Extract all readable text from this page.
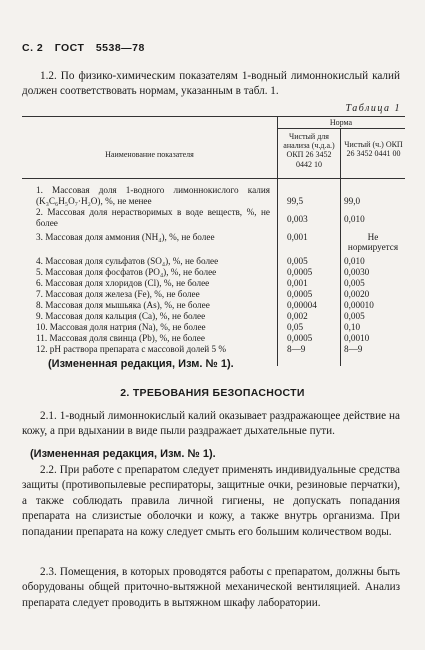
С. 2 ГОСТ 5538—78
1.2. По физико-химическим показателям 1-водный лимоннокислый калий должен соответствовать нормам, указанным в табл. 1.
Таблица 1
Наименование показателя
Норма
Чистый для анализа (ч.д.а.) ОКП 26 3452 0442 10
Чистый (ч.) ОКП 26 3452 0441 00
1. Массовая доля 1-водного лимоннокислого калия (K₃C₆H₅O₇·H₂O), %, не менее	99,5	99,0
2. Массовая доля нерастворимых в воде веществ, %, не более	0,003	0,010
3. Массовая доля аммония (NH₄), %, не более	0,001	Не нормируется
4. Массовая доля сульфатов (SO₄), %, не более	0,005	0,010
5. Массовая доля фосфатов (PO₄), %, не более	0,0005	0,0030
6. Массовая доля хлоридов (Cl), %, не более	0,001	0,005
7. Массовая доля железа (Fe), %, не более	0,0005	0,0020
8. Массовая доля мышьяка (As), %, не более	0,00004	0,00010
9. Массовая доля кальция (Ca), %, не более	0,002	0,005
10. Массовая доля натрия (Na), %, не более	0,05	0,10
11. Массовая доля свинца (Pb), %, не более	0,0005	0,0010
12. pH раствора препарата с массовой долей 5 %	8—9	8—9
(Измененная редакция, Изм. № 1).
2. ТРЕБОВАНИЯ БЕЗОПАСНОСТИ
2.1. 1-водный лимоннокислый калий оказывает раздражающее действие на кожу, а при вдыхании в виде пыли раздражает дыхательные пути.
(Измененная редакция, Изм. № 1).
2.2. При работе с препаратом следует применять индивидуальные средства защиты (противопылевые респираторы, защитные очки, резиновые перчатки), а также соблюдать правила личной гигиены, не допускать попадания препарата на слизистые оболочки и кожу, а также внутрь организма. При попадании препарата на кожу следует смыть его большим количеством воды.
2.3. Помещения, в которых проводятся работы с препаратом, должны быть оборудованы общей приточно-вытяжной механической вентиляцией. Анализ препарата следует проводить в вытяжном шкафу лаборатории.
